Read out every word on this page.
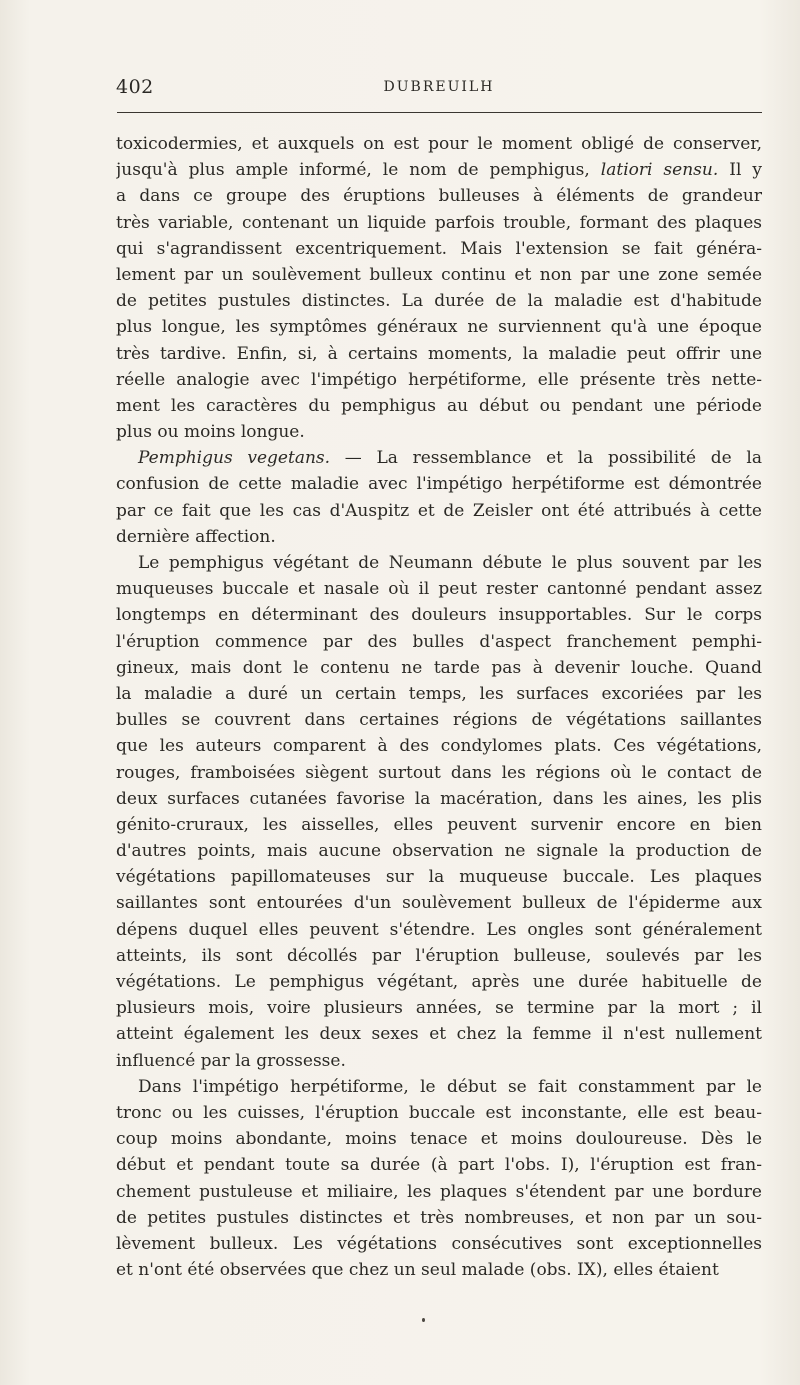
402	DUBREUILH
toxicodermies, et auxquels on est pour le moment obligé de conserver,
jusqu'à plus ample informé, le nom de pemphigus, latiori sensu. Il y
a dans ce groupe des éruptions bulleuses à éléments de grandeur
très variable, contenant un liquide parfois trouble, formant des plaques
qui s'agrandissent excentriquement. Mais l'extension se fait généra-
lement par un soulèvement bulleux continu et non par une zone semée
de petites pustules distinctes. La durée de la maladie est d'habitude
plus longue, les symptômes généraux ne surviennent qu'à une époque
très tardive. Enfin, si, à certains moments, la maladie peut offrir une
réelle analogie avec l'impétigo herpétiforme, elle présente très nette-
ment les caractères du pemphigus au début ou pendant une période
plus ou moins longue.
Pemphigus vegetans. — La ressemblance et la possibilité de la
confusion de cette maladie avec l'impétigo herpétiforme est démontrée
par ce fait que les cas d'Auspitz et de Zeisler ont été attribués à cette
dernière affection.
Le pemphigus végétant de Neumann débute le plus souvent par les
muqueuses buccale et nasale où il peut rester cantonné pendant assez
longtemps en déterminant des douleurs insupportables. Sur le corps
l'éruption commence par des bulles d'aspect franchement pemphi-
gineux, mais dont le contenu ne tarde pas à devenir louche. Quand
la maladie a duré un certain temps, les surfaces excoriées par les
bulles se couvrent dans certaines régions de végétations saillantes
que les auteurs comparent à des condylomes plats. Ces végétations,
rouges, framboisées siègent surtout dans les régions où le contact de
deux surfaces cutanées favorise la macération, dans les aines, les plis
génito-cruraux, les aisselles, elles peuvent survenir encore en bien
d'autres points, mais aucune observation ne signale la production de
végétations papillomateuses sur la muqueuse buccale. Les plaques
saillantes sont entourées d'un soulèvement bulleux de l'épiderme aux
dépens duquel elles peuvent s'étendre. Les ongles sont généralement
atteints, ils sont décollés par l'éruption bulleuse, soulevés par les
végétations. Le pemphigus végétant, après une durée habituelle de
plusieurs mois, voire plusieurs années, se termine par la mort ; il
atteint également les deux sexes et chez la femme il n'est nullement
influencé par la grossesse.
Dans l'impétigo herpétiforme, le début se fait constamment par le
tronc ou les cuisses, l'éruption buccale est inconstante, elle est beau-
coup moins abondante, moins tenace et moins douloureuse. Dès le
début et pendant toute sa durée (à part l'obs. I), l'éruption est fran-
chement pustuleuse et miliaire, les plaques s'étendent par une bordure
de petites pustules distinctes et très nombreuses, et non par un sou-
lèvement bulleux. Les végétations consécutives sont exceptionnelles
et n'ont été observées que chez un seul malade (obs. IX), elles étaient
